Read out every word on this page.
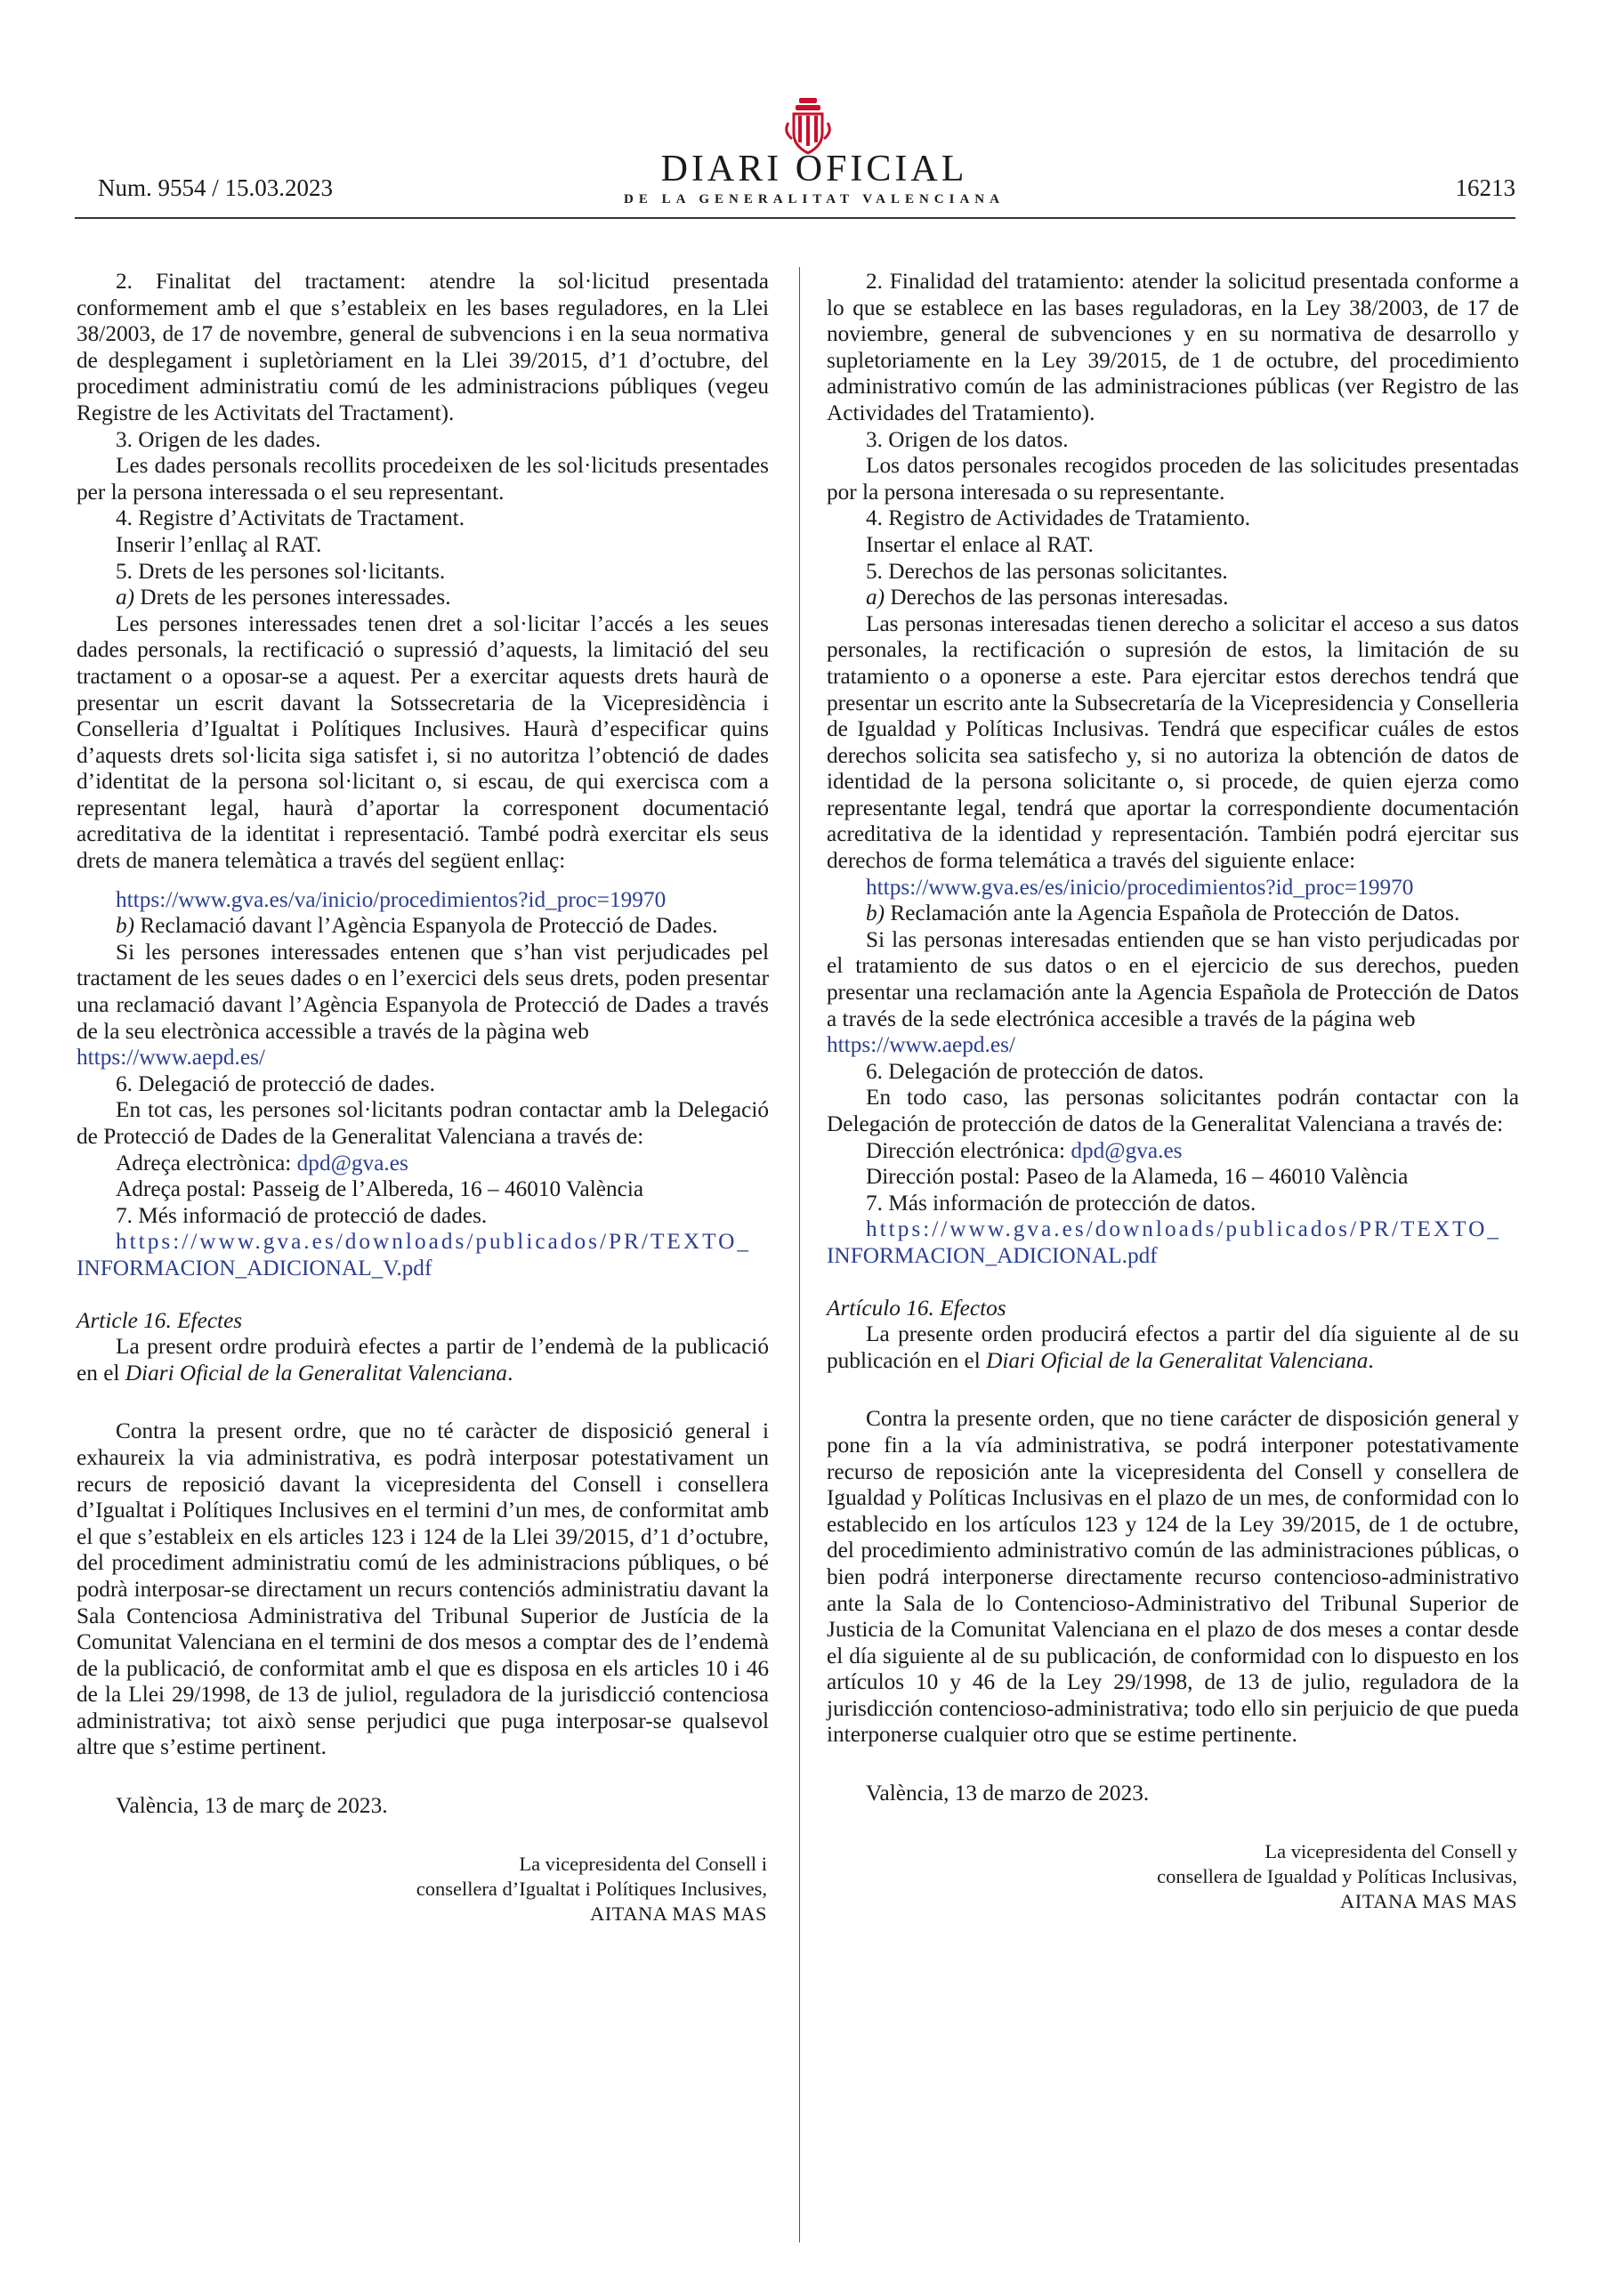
Num. 9554 / 15.03.2023	DIARI OFICIAL
DE LA GENERALITAT VALENCIANA	16213

2. Finalitat del tractament: atendre la sol·licitud presentada conformement amb el que s’estableix en les bases reguladores, en la Llei 38/2003, de 17 de novembre, general de subvencions i en la seua normativa de desplegament i supletòriament en la Llei 39/2015, d’1 d’octubre, del procediment administratiu comú de les administracions públiques (vegeu Registre de les Activitats del Tractament).

3. Origen de les dades.

Les dades personals recollits procedeixen de les sol·licituds presentades per la persona interessada o el seu representant.

4. Registre d’Activitats de Tractament.

Inserir l’enllaç al RAT.

5. Drets de les persones sol·licitants.

a) Drets de les persones interessades.

Les persones interessades tenen dret a sol·licitar l’accés a les seues dades personals, la rectificació o supressió d’aquests, la limitació del seu tractament o a oposar-se a aquest. Per a exercitar aquests drets haurà de presentar un escrit davant la Sotssecretaria de la Vicepresidència i Conselleria d’Igualtat i Polítiques Inclusives. Haurà d’especificar quins d’aquests drets sol·licita siga satisfet i, si no autoritza l’obtenció de dades d’identitat de la persona sol·licitant o, si escau, de qui exercisca com a representant legal, haurà d’aportar la corresponent documentació acreditativa de la identitat i representació. També podrà exercitar els seus drets de manera telemàtica a través del següent enllaç:

https://www.gva.es/va/inicio/procedimientos?id_proc=19970

b) Reclamació davant l’Agència Espanyola de Protecció de Dades.

Si les persones interessades entenen que s’han vist perjudicades pel tractament de les seues dades o en l’exercici dels seus drets, poden presentar una reclamació davant l’Agència Espanyola de Protecció de Dades a través de la seu electrònica accessible a través de la pàgina web

https://www.aepd.es/

6. Delegació de protecció de dades.

En tot cas, les persones sol·licitants podran contactar amb la Delegació de Protecció de Dades de la Generalitat Valenciana a través de:

Adreça electrònica: dpd@gva.es

Adreça postal: Passeig de l’Albereda, 16 – 46010 València

7. Més informació de protecció de dades.

https://www.gva.es/downloads/publicados/PR/TEXTO_
INFORMACION_ADICIONAL_V.pdf

Article 16. Efectes

La present ordre produirà efectes a partir de l’endemà de la publicació en el Diari Oficial de la Generalitat Valenciana.

Contra la present ordre, que no té caràcter de disposició general i exhaureix la via administrativa, es podrà interposar potestativament un recurs de reposició davant la vicepresidenta del Consell i consellera d’Igualtat i Polítiques Inclusives en el termini d’un mes, de conformitat amb el que s’estableix en els articles 123 i 124 de la Llei 39/2015, d’1 d’octubre, del procediment administratiu comú de les administracions públiques, o bé podrà interposar-se directament un recurs contenciós administratiu davant la Sala Contenciosa Administrativa del Tribunal Superior de Justícia de la Comunitat Valenciana en el termini de dos mesos a comptar des de l’endemà de la publicació, de conformitat amb el que es disposa en els articles 10 i 46 de la Llei 29/1998, de 13 de juliol, reguladora de la jurisdicció contenciosa administrativa; tot això sense perjudici que puga interposar-se qualsevol altre que s’estime pertinent.

València, 13 de març de 2023.

La vicepresidenta del Consell i
consellera d’Igualtat i Polítiques Inclusives,
AITANA MAS MAS

2. Finalidad del tratamiento: atender la solicitud presentada conforme a lo que se establece en las bases reguladoras, en la Ley 38/2003, de 17 de noviembre, general de subvenciones y en su normativa de desarrollo y supletoriamente en la Ley 39/2015, de 1 de octubre, del procedimiento administrativo común de las administraciones públicas (ver Registro de las Actividades del Tratamiento).

3. Origen de los datos.

Los datos personales recogidos proceden de las solicitudes presentadas por la persona interesada o su representante.

4. Registro de Actividades de Tratamiento.

Insertar el enlace al RAT.

5. Derechos de las personas solicitantes.

a) Derechos de las personas interesadas.

Las personas interesadas tienen derecho a solicitar el acceso a sus datos personales, la rectificación o supresión de estos, la limitación de su tratamiento o a oponerse a este. Para ejercitar estos derechos tendrá que presentar un escrito ante la Subsecretaría de la Vicepresidencia y Conselleria de Igualdad y Políticas Inclusivas. Tendrá que especificar cuáles de estos derechos solicita sea satisfecho y, si no autoriza la obtención de datos de identidad de la persona solicitante o, si procede, de quien ejerza como representante legal, tendrá que aportar la correspondiente documentación acreditativa de la identidad y representación. También podrá ejercitar sus derechos de forma telemática a través del siguiente enlace:

https://www.gva.es/es/inicio/procedimientos?id_proc=19970

b) Reclamación ante la Agencia Española de Protección de Datos.

Si las personas interesadas entienden que se han visto perjudicadas por el tratamiento de sus datos o en el ejercicio de sus derechos, pueden presentar una reclamación ante la Agencia Española de Protección de Datos a través de la sede electrónica accesible a través de la página web

https://www.aepd.es/

6. Delegación de protección de datos.

En todo caso, las personas solicitantes podrán contactar con la Delegación de protección de datos de la Generalitat Valenciana a través de:

Dirección electrónica: dpd@gva.es

Dirección postal: Paseo de la Alameda, 16 – 46010 València

7. Más información de protección de datos.

https://www.gva.es/downloads/publicados/PR/TEXTO_
INFORMACION_ADICIONAL.pdf

Artículo 16. Efectos

La presente orden producirá efectos a partir del día siguiente al de su publicación en el Diari Oficial de la Generalitat Valenciana.

Contra la presente orden, que no tiene carácter de disposición general y pone fin a la vía administrativa, se podrá interponer potestativamente recurso de reposición ante la vicepresidenta del Consell y consellera de Igualdad y Políticas Inclusivas en el plazo de un mes, de conformidad con lo establecido en los artículos 123 y 124 de la Ley 39/2015, de 1 de octubre, del procedimiento administrativo común de las administraciones públicas, o bien podrá interponerse directamente recurso contencioso-administrativo ante la Sala de lo Contencioso-Administrativo del Tribunal Superior de Justicia de la Comunitat Valenciana en el plazo de dos meses a contar desde el día siguiente al de su publicación, de conformidad con lo dispuesto en los artículos 10 y 46 de la Ley 29/1998, de 13 de julio, reguladora de la jurisdicción contencioso-administrativa; todo ello sin perjuicio de que pueda interponerse cualquier otro que se estime pertinente.

València, 13 de marzo de 2023.

La vicepresidenta del Consell y
consellera de Igualdad y Políticas Inclusivas,
AITANA MAS MAS
